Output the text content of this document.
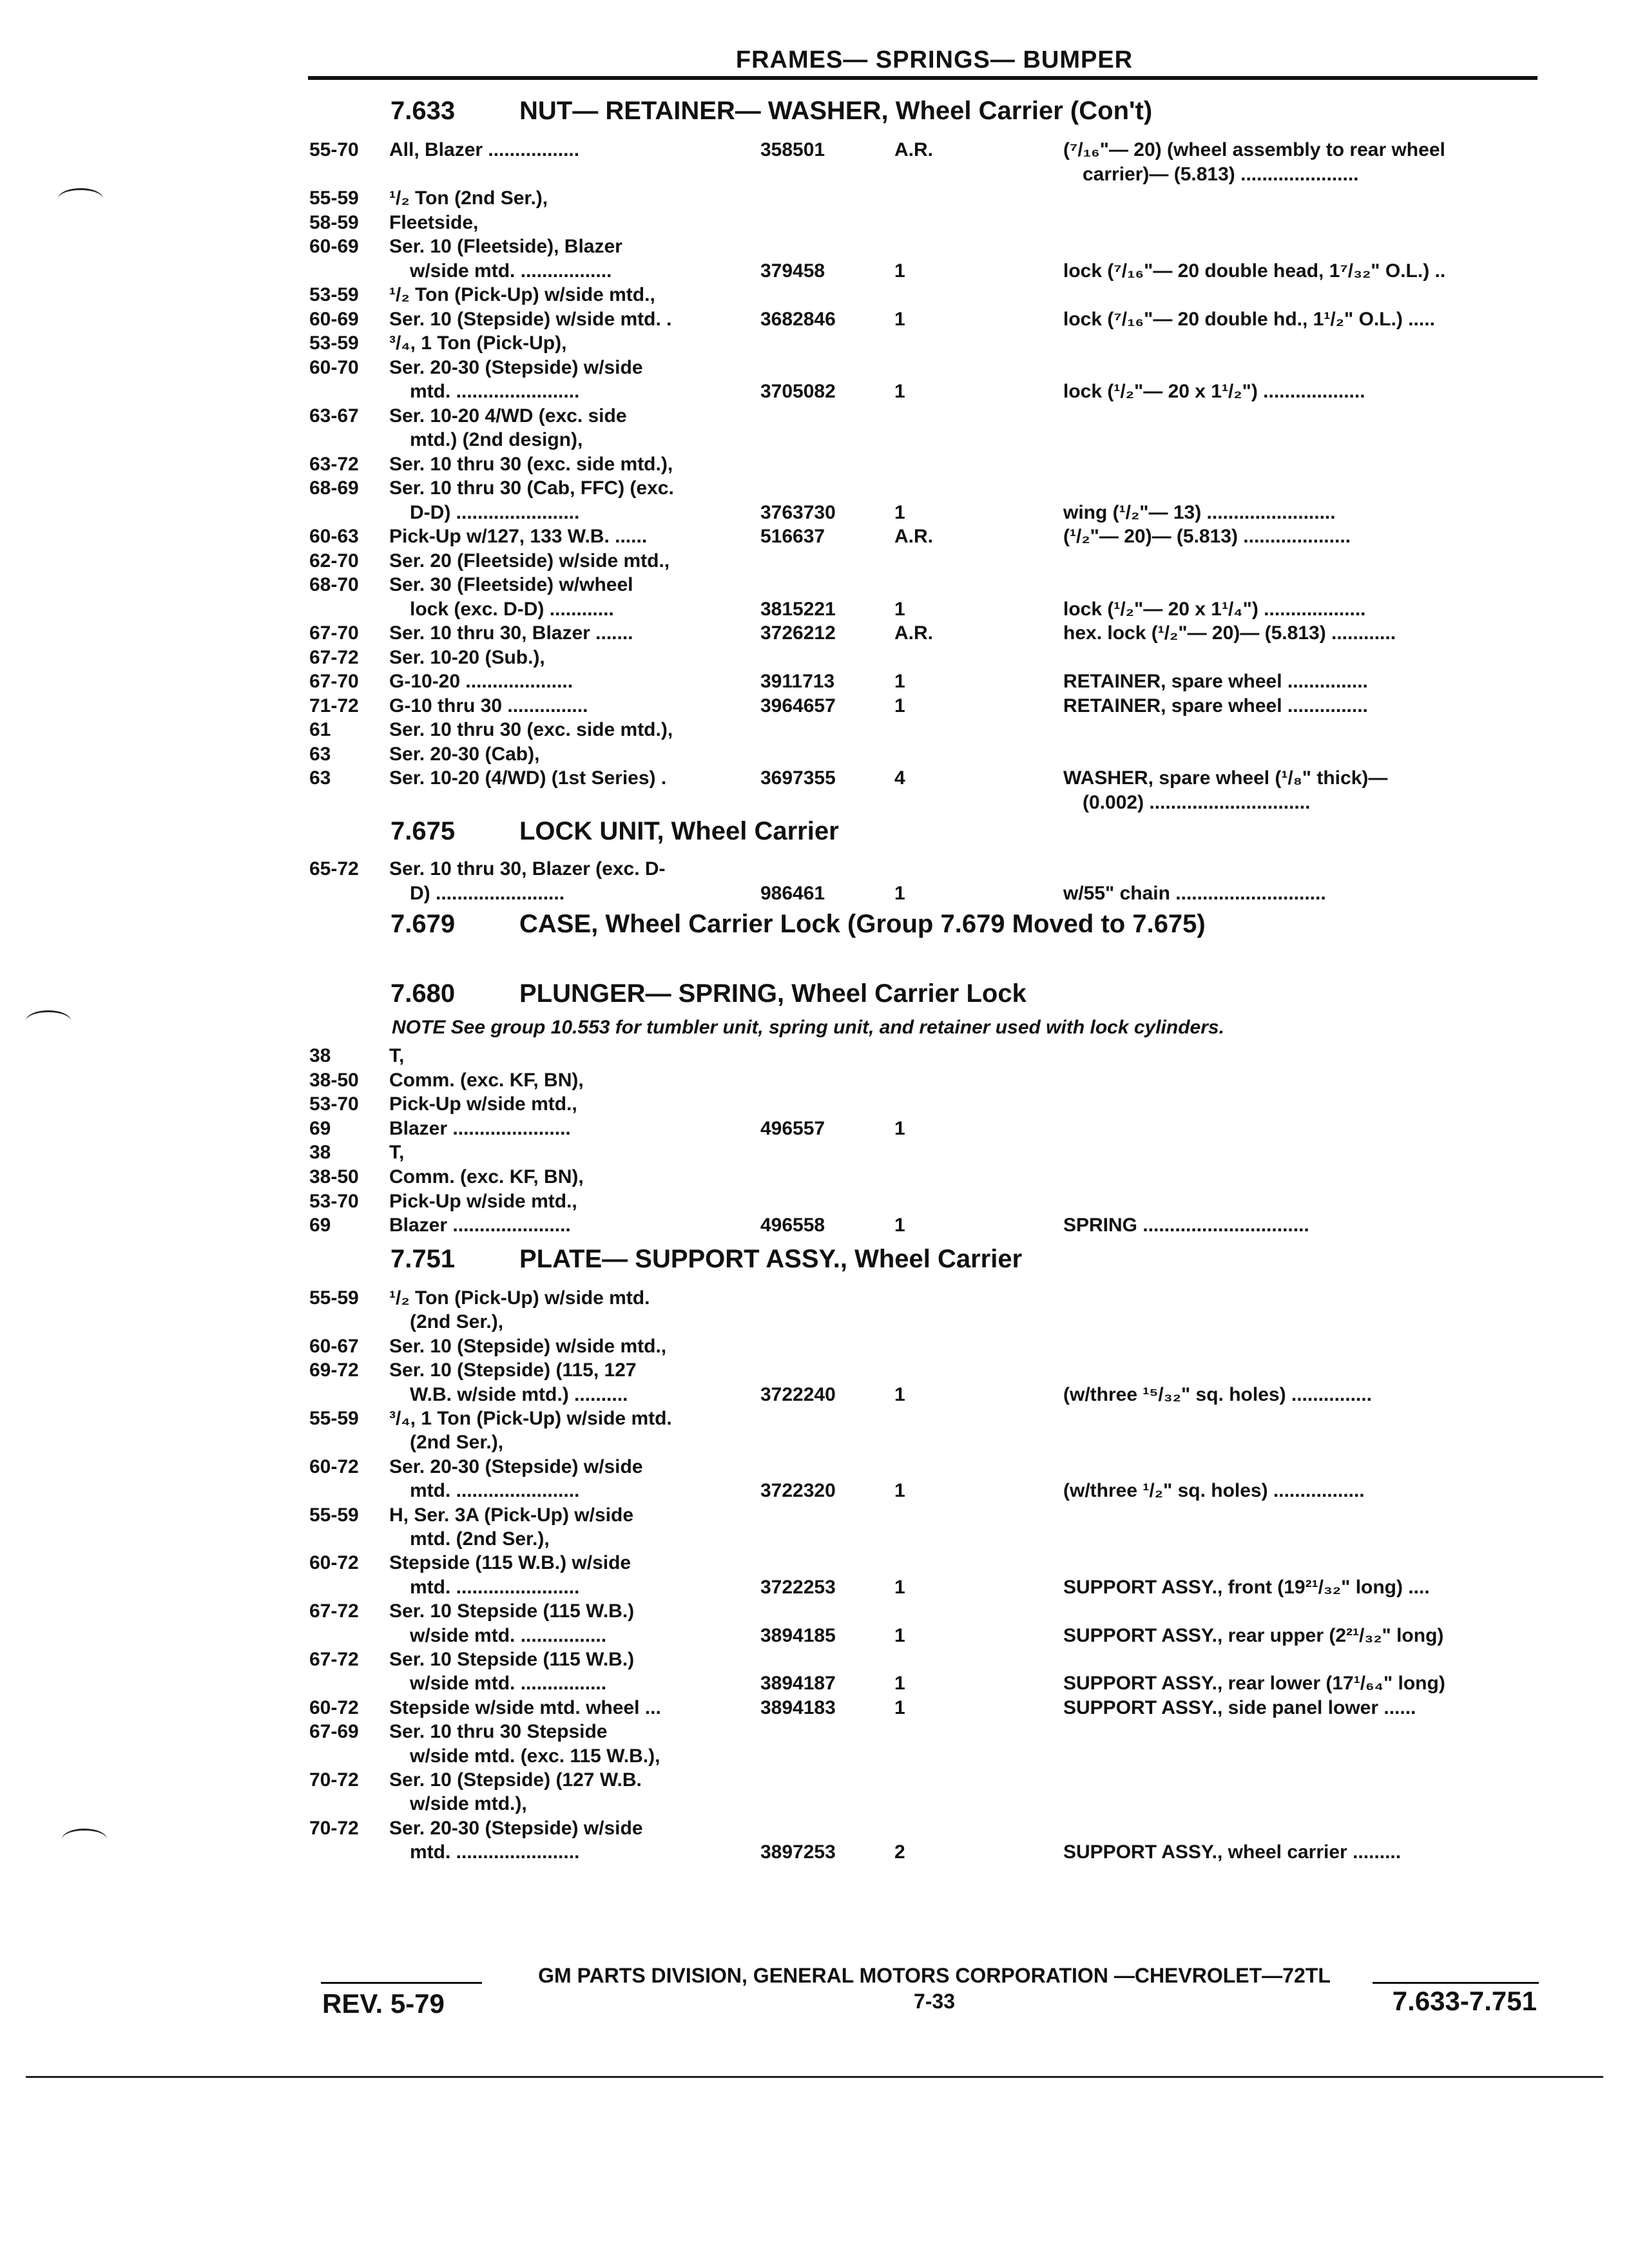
FRAMES— SPRINGS— BUMPER
7.633 NUT— RETAINER— WASHER, Wheel Carrier (Con't)
55-70	All, Blazer .................	358501	A.R.	(⁷/₁₆"— 20) (wheel assembly to rear wheel
carrier)— (5.813) ......................
55-59	¹/₂ Ton (2nd Ser.),
58-59	Fleetside,
60-69	Ser. 10 (Fleetside), Blazer
w/side mtd. .................	379458	1	lock (⁷/₁₆"— 20 double head, 1⁷/₃₂" O.L.) ..
53-59	¹/₂ Ton (Pick-Up) w/side mtd.,
60-69	Ser. 10 (Stepside) w/side mtd. .	3682846	1	lock (⁷/₁₆"— 20 double hd., 1¹/₂" O.L.) .....
53-59	³/₄, 1 Ton (Pick-Up),
60-70	Ser. 20-30 (Stepside) w/side
mtd. .......................	3705082	1	lock (¹/₂"— 20 x 1¹/₂") ...................
63-67	Ser. 10-20 4/WD (exc. side
mtd.) (2nd design),
63-72	Ser. 10 thru 30 (exc. side mtd.),
68-69	Ser. 10 thru 30 (Cab, FFC) (exc.
D-D) .......................	3763730	1	wing (¹/₂"— 13) ........................
60-63	Pick-Up w/127, 133 W.B. ......	516637	A.R.	(¹/₂"— 20)— (5.813) ....................
62-70	Ser. 20 (Fleetside) w/side mtd.,
68-70	Ser. 30 (Fleetside) w/wheel
lock (exc. D-D) ............	3815221	1	lock (¹/₂"— 20 x 1¹/₄") ...................
67-70	Ser. 10 thru 30, Blazer .......	3726212	A.R.	hex. lock (¹/₂"— 20)— (5.813) ............
67-72	Ser. 10-20 (Sub.),
67-70	G-10-20 ....................	3911713	1	RETAINER, spare wheel ...............
71-72	G-10 thru 30 ...............	3964657	1	RETAINER, spare wheel ...............
61	Ser. 10 thru 30 (exc. side mtd.),
63	Ser. 20-30 (Cab),
63	Ser. 10-20 (4/WD) (1st Series) .	3697355	4	WASHER, spare wheel (¹/₈" thick)—
(0.002) ..............................
7.675 LOCK UNIT, Wheel Carrier
65-72	Ser. 10 thru 30, Blazer (exc. D-
D) ........................	986461	1	w/55" chain ............................
7.679 CASE, Wheel Carrier Lock (Group 7.679 Moved to 7.675)
7.680 PLUNGER— SPRING, Wheel Carrier Lock
NOTE See group 10.553 for tumbler unit, spring unit, and retainer used with lock cylinders.
38	T,
38-50	Comm. (exc. KF, BN),
53-70	Pick-Up w/side mtd.,
69	Blazer ......................	496557	1
38	T,
38-50	Comm. (exc. KF, BN),
53-70	Pick-Up w/side mtd.,
69	Blazer ......................	496558	1	SPRING ...............................
7.751 PLATE— SUPPORT ASSY., Wheel Carrier
55-59	¹/₂ Ton (Pick-Up) w/side mtd.
(2nd Ser.),
60-67	Ser. 10 (Stepside) w/side mtd.,
69-72	Ser. 10 (Stepside) (115, 127
W.B. w/side mtd.) ..........	3722240	1	(w/three ¹⁵/₃₂" sq. holes) ...............
55-59	³/₄, 1 Ton (Pick-Up) w/side mtd.
(2nd Ser.),
60-72	Ser. 20-30 (Stepside) w/side
mtd. .......................	3722320	1	(w/three ¹/₂" sq. holes) .................
55-59	H, Ser. 3A (Pick-Up) w/side
mtd. (2nd Ser.),
60-72	Stepside (115 W.B.) w/side
mtd. .......................	3722253	1	SUPPORT ASSY., front (19²¹/₃₂" long) ....
67-72	Ser. 10 Stepside (115 W.B.)
w/side mtd. ................	3894185	1	SUPPORT ASSY., rear upper (2²¹/₃₂" long)
67-72	Ser. 10 Stepside (115 W.B.)
w/side mtd. ................	3894187	1	SUPPORT ASSY., rear lower (17¹/₆₄" long)
60-72	Stepside w/side mtd. wheel ...	3894183	1	SUPPORT ASSY., side panel lower ......
67-69	Ser. 10 thru 30 Stepside
w/side mtd. (exc. 115 W.B.),
70-72	Ser. 10 (Stepside) (127 W.B.
w/side mtd.),
70-72	Ser. 20-30 (Stepside) w/side
mtd. .......................	3897253	2	SUPPORT ASSY., wheel carrier .........
GM PARTS DIVISION, GENERAL MOTORS CORPORATION —CHEVROLET—72TL
REV. 5-79	7-33	7.633-7.751
